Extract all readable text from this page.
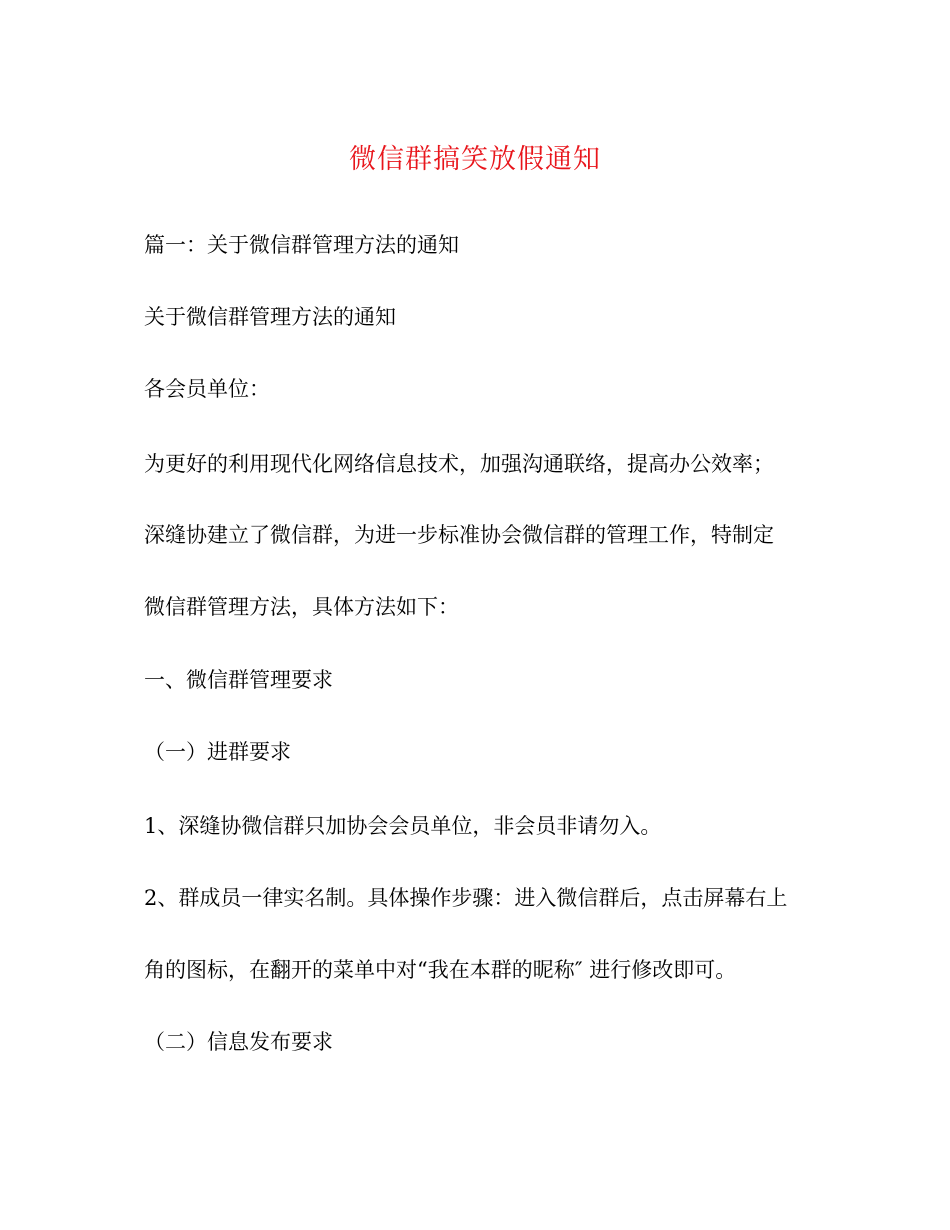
微信群搞笑放假通知
篇一：关于微信群管理方法的通知
关于微信群管理方法的通知
各会员单位：
为更好的利用现代化网络信息技术，加强沟通联络，提高办公效率；
深缝协建立了微信群，为进一步标准协会微信群的管理工作，特制定
微信群管理方法，具体方法如下：
一、微信群管理要求
（一）进群要求
1、深缝协微信群只加协会会员单位，非会员非请勿入。
2、群成员一律实名制。具体操作步骤：进入微信群后，点击屏幕右上
角的图标，在翻开的菜单中对“我在本群的昵称″ 进行修改即可。
（二）信息发布要求
